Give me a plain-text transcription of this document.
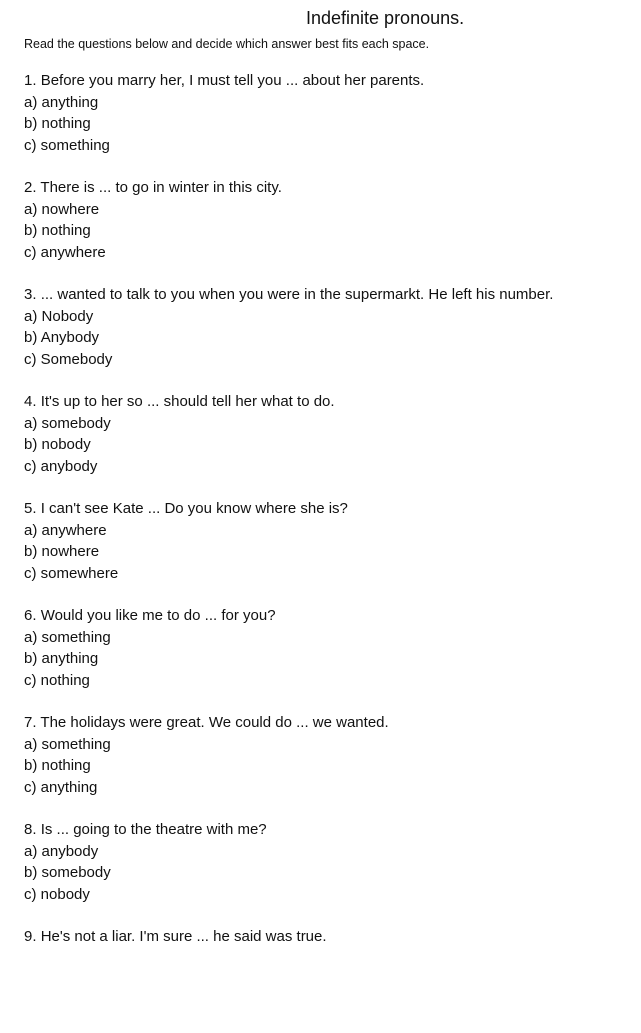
Indefinite pronouns.
Read the questions below and decide which answer best fits each space.
1 . Before you marry her, I must tell you ... about her parents.
a ) anything
b ) nothing
c ) something
2 . There is ... to go in winter in this city.
a ) nowhere
b ) nothing
c ) anywhere
3 . ... wanted to talk to you when you were in the supermarkt. He left his number.
a ) Nobody
b ) Anybody
c ) Somebody
4 . It's up to her so ... should tell her what to do.
a ) somebody
b ) nobody
c ) anybody
5 . I can't see Kate ... Do you know where she is?
a ) anywhere
b ) nowhere
c ) somewhere
6 . Would you like me to do ... for you?
a ) something
b ) anything
c ) nothing
7 . The holidays were great. We could do ... we wanted.
a ) something
b ) nothing
c ) anything
8 . Is ... going to the theatre with me?
a ) anybody
b ) somebody
c ) nobody
9 . He's not a liar. I'm sure ... he said was true.
